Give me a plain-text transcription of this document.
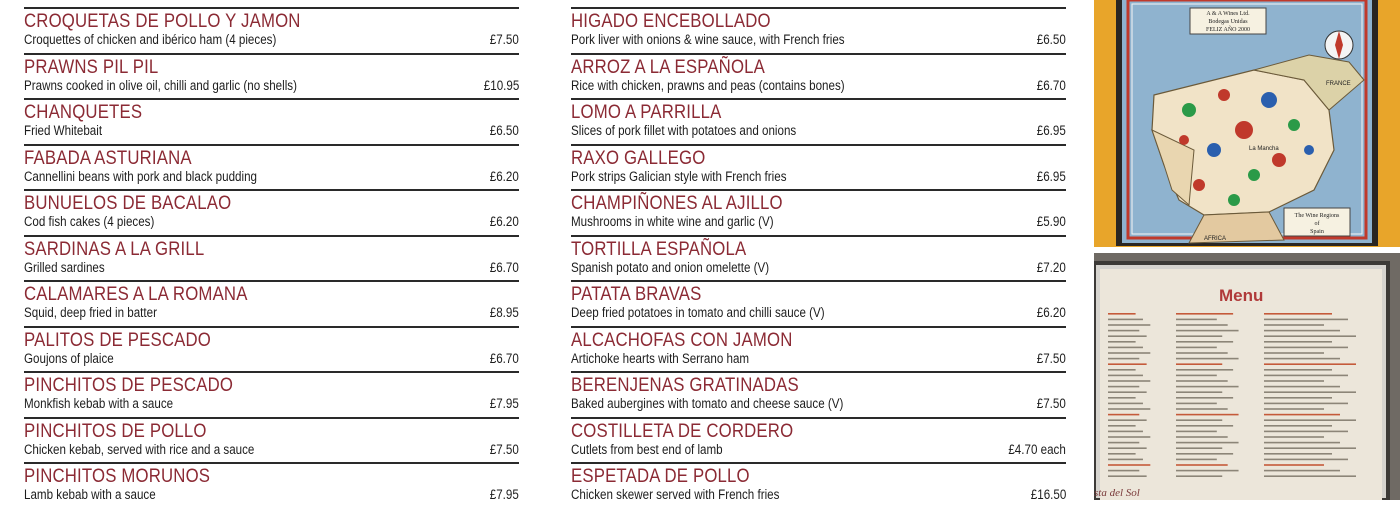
CROQUETAS DE POLLO Y JAMON
Croquettes of chicken and ibérico ham (4 pieces)	£7.50
PRAWNS PIL PIL
Prawns cooked in olive oil, chilli and garlic (no shells)	£10.95
CHANQUETES
Fried Whitebait	£6.50
FABADA ASTURIANA
Cannellini beans with pork and black pudding	£6.20
BUNUELOS DE BACALAO
Cod fish cakes (4 pieces)	£6.20
SARDINAS A LA GRILL
Grilled sardines	£6.70
CALAMARES A LA ROMANA
Squid, deep fried in batter	£8.95
PALITOS DE PESCADO
Goujons of plaice	£6.70
PINCHITOS DE PESCADO
Monkfish kebab with a sauce	£7.95
PINCHITOS DE POLLO
Chicken kebab, served with rice and a sauce	£7.50
PINCHITOS MORUNOS
Lamb kebab with a sauce	£7.95
HIGADO ENCEBOLLADO
Pork liver with onions & wine sauce, with French fries	£6.50
ARROZ A LA ESPAÑOLA
Rice with chicken, prawns and peas (contains bones)	£6.70
LOMO A PARRILLA
Slices of pork fillet with potatoes and onions	£6.95
RAXO GALLEGO
Pork strips Galician style with French fries	£6.95
CHAMPIÑONES AL AJILLO
Mushrooms in white wine and garlic (V)	£5.90
TORTILLA ESPAÑOLA
Spanish potato and onion omelette (V)	£7.20
PATATA BRAVAS
Deep fried potatoes in tomato and chilli sauce (V)	£6.20
ALCACHOFAS CON JAMON
Artichoke hearts with Serrano ham	£7.50
BERENJENAS GRATINADAS
Baked aubergines with tomato and cheese sauce (V)	£7.50
COSTILLETA DE CORDERO
Cutlets from best end of lamb	£4.70 each
ESPETADA DE POLLO
Chicken skewer served with French fries	£16.50
A & A Wines Ltd.
Bodegas Unidas
FELIZ AÑO 2000
FRANCE
La Mancha
AFRICA
The Wine Regions
of
Spain
Menu
sta del Sol
